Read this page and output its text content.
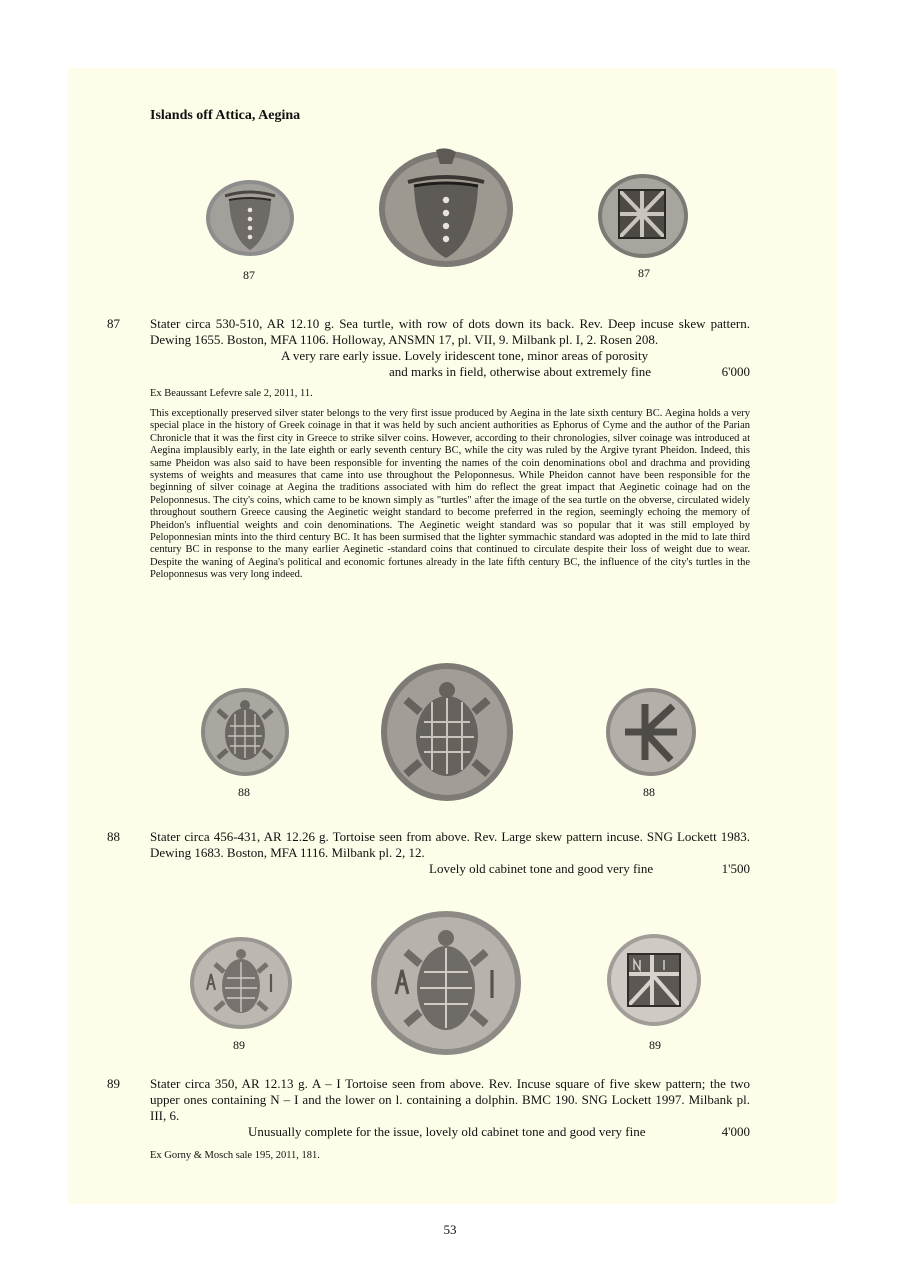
Islands off Attica, Aegina
87	87
87 Stater circa 530-510, AR 12.10 g. Sea turtle, with row of dots down its back. Rev. Deep incuse skew pattern. Dewing 1655. Boston, MFA 1106. Holloway, ANSMN 17, pl. VII, 9. Milbank pl. I, 2. Rosen 208.
A very rare early issue. Lovely iridescent tone, minor areas of porosity
and marks in field, otherwise about extremely fine	6'000
Ex Beaussant Lefevre sale 2, 2011, 11.
This exceptionally preserved silver stater belongs to the very first issue produced by Aegina in the late sixth century BC. Aegina holds a very special place in the history of Greek coinage in that it was held by such ancient authorities as Ephorus of Cyme and the author of the Parian Chronicle that it was the first city in Greece to strike silver coins. However, according to their chronologies, silver coinage was introduced at Aegina implausibly early, in the late eighth or early seventh century BC, while the city was ruled by the Argive tyrant Pheidon. Indeed, this same Pheidon was also said to have been responsible for inventing the names of the coin denominations obol and drachma and providing systems of weights and measures that came into use throughout the Peloponnesus. While Pheidon cannot have been responsible for the beginning of silver coinage at Aegina the traditions associated with him do reflect the great impact that Aeginetic coinage had on the Peloponnesus. The city's coins, which came to be known simply as "turtles" after the image of the sea turtle on the obverse, circulated widely throughout southern Greece causing the Aeginetic weight standard to become preferred in the region, seemingly echoing the memory of Pheidon's influential weights and coin denominations. The Aeginetic weight standard was so popular that it was still employed by Peloponnesian mints into the third century BC. It has been surmised that the lighter symmachic standard was adopted in the mid to late third century BC in response to the many earlier Aeginetic -standard coins that continued to circulate despite their loss of weight due to wear. Despite the waning of Aegina's political and economic fortunes already in the late fifth century BC, the influence of the city's turtles in the Peloponnesus was very long indeed.
88	88
88 Stater circa 456-431, AR 12.26 g. Tortoise seen from above. Rev. Large skew pattern incuse. SNG Lockett 1983. Dewing 1683. Boston, MFA 1116. Milbank pl. 2, 12.
Lovely old cabinet tone and good very fine	1'500
89	89
89 Stater circa 350, AR 12.13 g. A – I Tortoise seen from above. Rev. Incuse square of five skew pattern; the two upper ones containing N – I and the lower on l. containing a dolphin. BMC 190. SNG Lockett 1997. Milbank pl. III, 6.
Unusually complete for the issue, lovely old cabinet tone and good very fine	4'000
Ex Gorny & Mosch sale 195, 2011, 181.
53
